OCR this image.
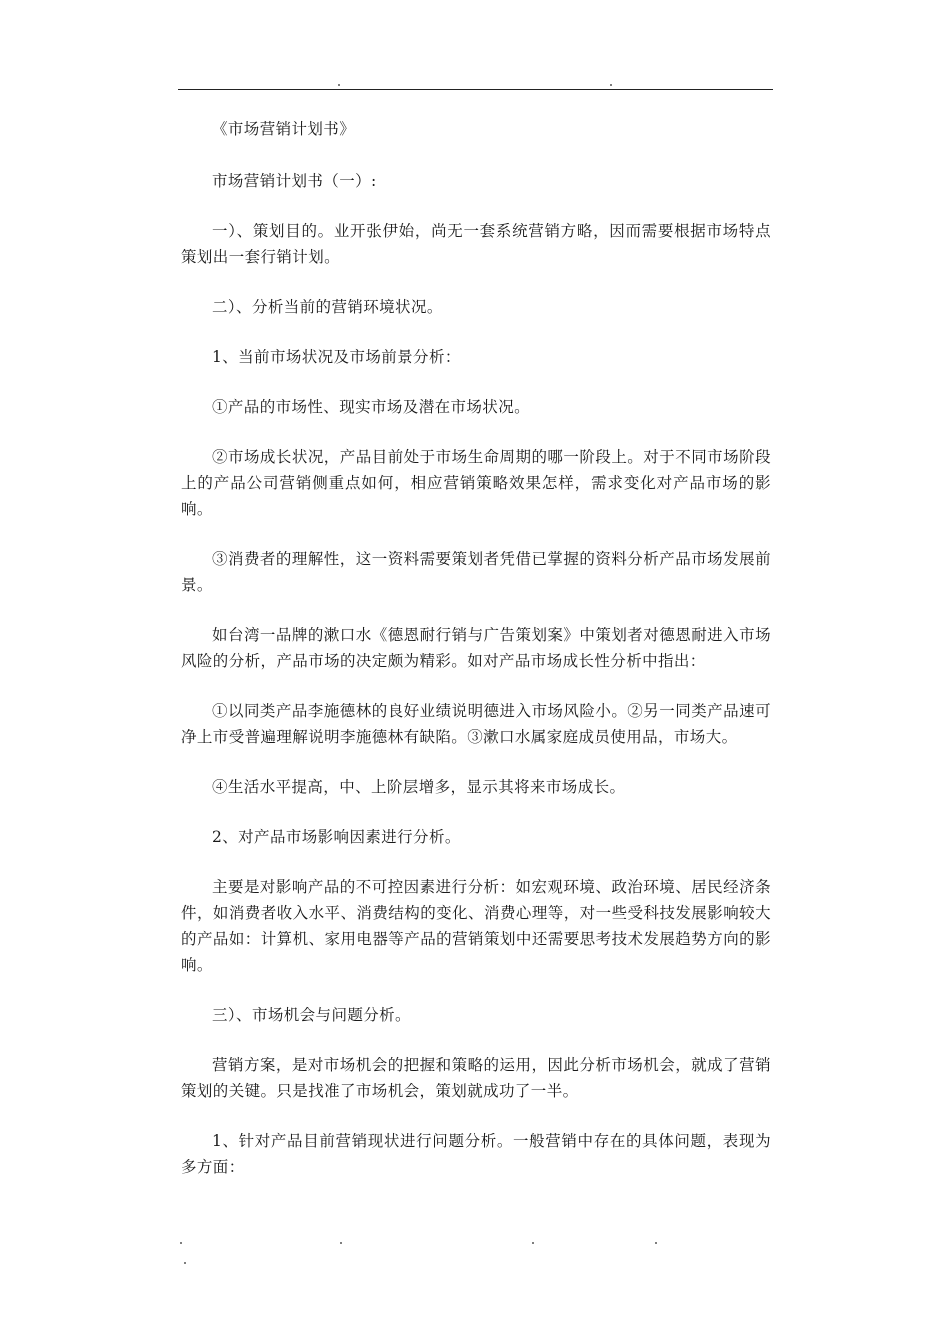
《市场营销计划书》

市场营销计划书（一）:

一）、策划目的。业开张伊始，尚无一套系统营销方略，因而需要根据市场特点策划出一套行销计划。

二）、分析当前的营销环境状况。

1、当前市场状况及市场前景分析：

①产品的市场性、现实市场及潜在市场状况。

②市场成长状况，产品目前处于市场生命周期的哪一阶段上。对于不同市场阶段上的产品公司营销侧重点如何，相应营销策略效果怎样，需求变化对产品市场的影响。

③消费者的理解性，这一资料需要策划者凭借已掌握的资料分析产品市场发展前景。

如台湾一品牌的漱口水《德恩耐行销与广告策划案》中策划者对德恩耐进入市场风险的分析，产品市场的决定颇为精彩。如对产品市场成长性分析中指出：

①以同类产品李施德林的良好业绩说明德进入市场风险小。②另一同类产品速可净上市受普遍理解说明李施德林有缺陷。③漱口水属家庭成员使用品，市场大。

④生活水平提高，中、上阶层增多，显示其将来市场成长。

2、对产品市场影响因素进行分析。

主要是对影响产品的不可控因素进行分析：如宏观环境、政治环境、居民经济条件，如消费者收入水平、消费结构的变化、消费心理等，对一些受科技发展影响较大的产品如：计算机、家用电器等产品的营销策划中还需要思考技术发展趋势方向的影响。

三）、市场机会与问题分析。

营销方案，是对市场机会的把握和策略的运用，因此分析市场机会，就成了营销策划的关键。只是找准了市场机会，策划就成功了一半。

1、针对产品目前营销现状进行问题分析。一般营销中存在的具体问题，表现为多方面：
